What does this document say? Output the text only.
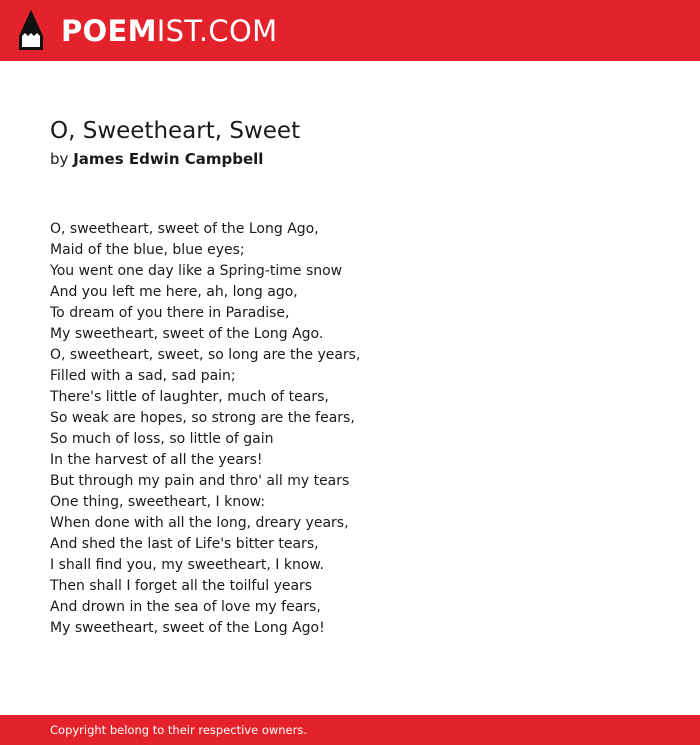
POEMIST.COM
O, Sweetheart, Sweet
by James Edwin Campbell
O, sweetheart, sweet of the Long Ago,
Maid of the blue, blue eyes;
You went one day like a Spring-time snow
And you left me here, ah, long ago,
To dream of you there in Paradise,
My sweetheart, sweet of the Long Ago.
O, sweetheart, sweet, so long are the years,
Filled with a sad, sad pain;
There's little of laughter, much of tears,
So weak are hopes, so strong are the fears,
So much of loss, so little of gain
In the harvest of all the years!
But through my pain and thro' all my tears
One thing, sweetheart, I know:
When done with all the long, dreary years,
And shed the last of Life's bitter tears,
I shall find you, my sweetheart, I know.
Then shall I forget all the toilful years
And drown in the sea of love my fears,
My sweetheart, sweet of the Long Ago!
Copyright belong to their respective owners.
